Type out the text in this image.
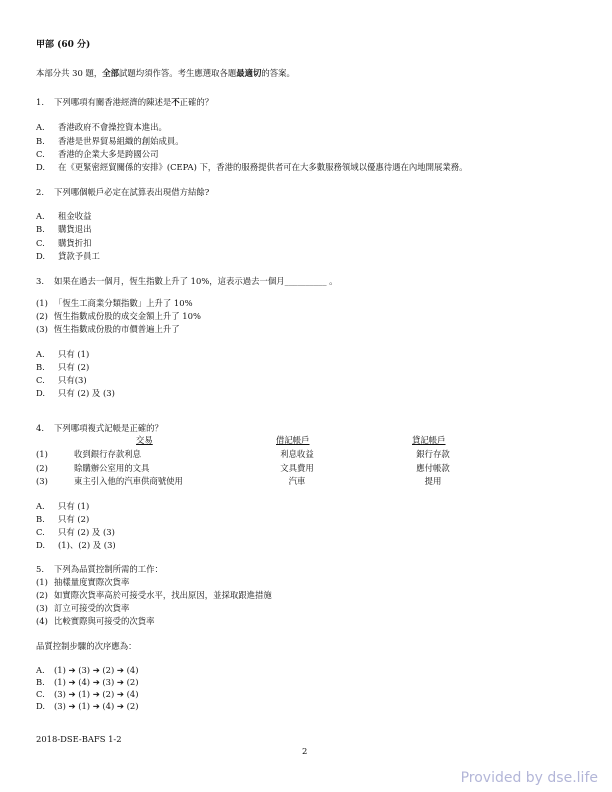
甲部 (60 分)
本部分共 30 題，全部試題均須作答。考生應選取各題最適切的答案。
1. 下列哪項有關香港經濟的陳述是不正確的？
A. 香港政府不會操控資本進出。
B. 香港是世界貿易組織的創始成員。
C. 香港的企業大多是跨國公司
D. 在《更緊密經貿關係的安排》(CEPA) 下，香港的服務提供者可在大多數服務領域以優惠待遇在內地開展業務。
2. 下列哪個帳戶必定在試算表出現借方結餘?
A. 租金收益
B. 購貨退出
C. 購貨折扣
D. 貸款予員工
3. 如果在過去一個月，恆生指數上升了 10%，這表示過去一個月__________ 。
(1) 「恆生工商業分類指數」上升了 10%
(2) 恆生指數成份股的成交金額上升了 10%
(3) 恆生指數成份股的市價普遍上升了
A. 只有 (1)
B. 只有 (2)
C. 只有(3)
D. 只有 (2) 及 (3)
4. 下列哪項複式記帳是正確的？
交易	借記帳戶	貸記帳戶
(1)	收到銀行存款利息	利息收益	銀行存款
(2)	賒購辦公室用的文具	文具費用	應付帳款
(3)	東主引入他的汽車供商號使用	汽車	提用
A. 只有 (1)
B. 只有 (2)
C. 只有 (2) 及 (3)
D. (1)、(2) 及 (3)
5. 下列為品質控制所需的工作：
(1) 抽樣量度實際次貨率
(2) 如實際次貨率高於可接受水平，找出原因，並採取跟進措施
(3) 訂立可接受的次貨率
(4) 比較實際與可接受的次貨率
品質控制步驟的次序應為：
A. (1) ➔ (3) ➔ (2) ➔ (4)
B. (1) ➔ (4) ➔ (3) ➔ (2)
C. (3) ➔ (1) ➔ (2) ➔ (4)
D. (3) ➔ (1) ➔ (4) ➔ (2)
2018-DSE-BAFS 1-2
2
Provided by dse.life
